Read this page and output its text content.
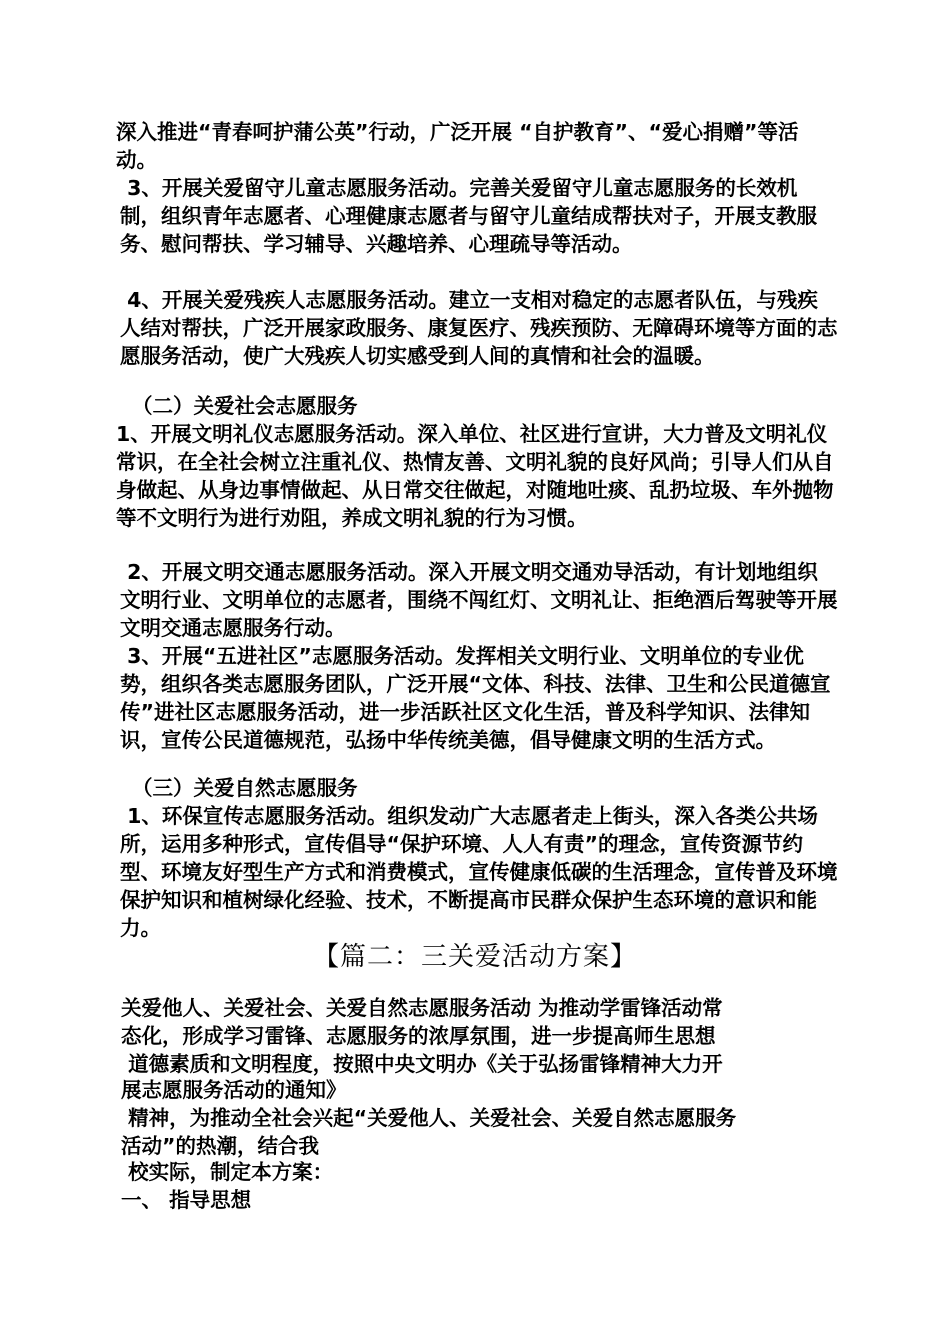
深入推进“青春呵护蒲公英”行动，广泛开展 “自护教育”、“爱心捐赠”等活动。

3、开展关爱留守儿童志愿服务活动。完善关爱留守儿童志愿服务的长效机制，组织青年志愿者、心理健康志愿者与留守儿童结成帮扶对子，开展支教服务、慰问帮扶、学习辅导、兴趣培养、心理疏导等活动。

4、开展关爱残疾人志愿服务活动。建立一支相对稳定的志愿者队伍，与残疾人结对帮扶，广泛开展家政服务、康复医疗、残疾预防、无障碍环境等方面的志愿服务活动，使广大残疾人切实感受到人间的真情和社会的温暖。

（二）关爱社会志愿服务

1、开展文明礼仪志愿服务活动。深入单位、社区进行宣讲，大力普及文明礼仪常识，在全社会树立注重礼仪、热情友善、文明礼貌的良好风尚；引导人们从自身做起、从身边事情做起、从日常交往做起，对随地吐痰、乱扔垃圾、车外抛物等不文明行为进行劝阻，养成文明礼貌的行为习惯。

2、开展文明交通志愿服务活动。深入开展文明交通劝导活动，有计划地组织文明行业、文明单位的志愿者，围绕不闯红灯、文明礼让、拒绝酒后驾驶等开展文明交通志愿服务行动。

3、开展“五进社区”志愿服务活动。发挥相关文明行业、文明单位的专业优势，组织各类志愿服务团队，广泛开展“文体、科技、法律、卫生和公民道德宣传”进社区志愿服务活动，进一步活跃社区文化生活，普及科学知识、法律知识，宣传公民道德规范，弘扬中华传统美德，倡导健康文明的生活方式。

（三）关爱自然志愿服务

1、环保宣传志愿服务活动。组织发动广大志愿者走上街头，深入各类公共场所，运用多种形式，宣传倡导“保护环境、人人有责”的理念，宣传资源节约型、环境友好型生产方式和消费模式，宣传健康低碳的生活理念，宣传普及环境保护知识和植树绿化经验、技术，不断提高市民群众保护生态环境的意识和能力。

【篇二：三关爱活动方案】

关爱他人、关爱社会、关爱自然志愿服务活动 为推动学雷锋活动常

态化，形成学习雷锋、志愿服务的浓厚氛围，进一步提高师生思想

道德素质和文明程度，按照中央文明办《关于弘扬雷锋精神大力开

展志愿服务活动的通知》

精神，为推动全社会兴起“关爱他人、关爱社会、关爱自然志愿服务

活动”的热潮，结合我

校实际，制定本方案：

一、 指导思想
